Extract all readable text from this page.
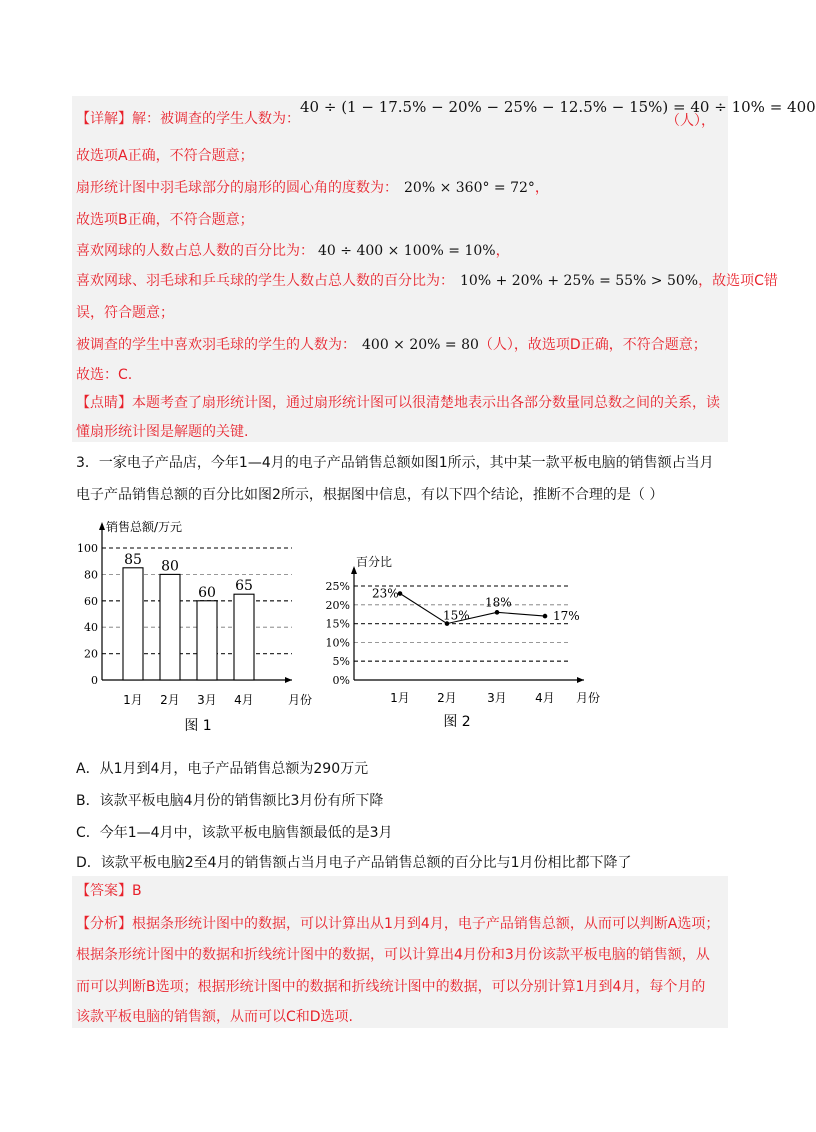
【详解】解：被调查的学生人数为：
40 ÷ (1 − 17.5% − 20% − 25% − 12.5% − 15%) = 40 ÷ 10% = 400
（人），
故选项A正确，不符合题意；
扇形统计图中羽毛球部分的扇形的圆心角的度数为： 20% × 360° = 72°，
故选项B正确，不符合题意；
喜欢网球的人数占总人数的百分比为： 40 ÷ 400 × 100% = 10%，
喜欢网球、羽毛球和乒乓球的学生人数占总人数的百分比为： 10% + 20% + 25% = 55% > 50%，故选项C错
误，符合题意；
被调查的学生中喜欢羽毛球的学生的人数为： 400 × 20% = 80（人），故选项D正确，不符合题意；
故选：C.
【点睛】本题考查了扇形统计图，通过扇形统计图可以很清楚地表示出各部分数量同总数之间的关系，读
懂扇形统计图是解题的关键.
3．一家电子产品店，今年1—4月的电子产品销售总额如图1所示，其中某一款平板电脑的销售额占当月
电子产品销售总额的百分比如图2所示，根据图中信息，有以下四个结论，推断不合理的是（ ）
0
20
40
60
80
100
销售总额/万元
月份
85
1月
80
2月
60
3月
65
4月
图 1
0%
5%
10%
15%
20%
25%
百分比
月份
23%
1月
15%
2月
18%
3月
17%
4月
图 2
A．从1月到4月，电子产品销售总额为290万元
B．该款平板电脑4月份的销售额比3月份有所下降
C．今年1—4月中，该款平板电脑售额最低的是3月
D．该款平板电脑2至4月的销售额占当月电子产品销售总额的百分比与1月份相比都下降了
【答案】B
【分析】根据条形统计图中的数据，可以计算出从1月到4月，电子产品销售总额，从而可以判断A选项；
根据条形统计图中的数据和折线统计图中的数据，可以计算出4月份和3月份该款平板电脑的销售额，从
而可以判断B选项；根据形统计图中的数据和折线统计图中的数据，可以分别计算1月到4月，每个月的
该款平板电脑的销售额，从而可以C和D选项.
